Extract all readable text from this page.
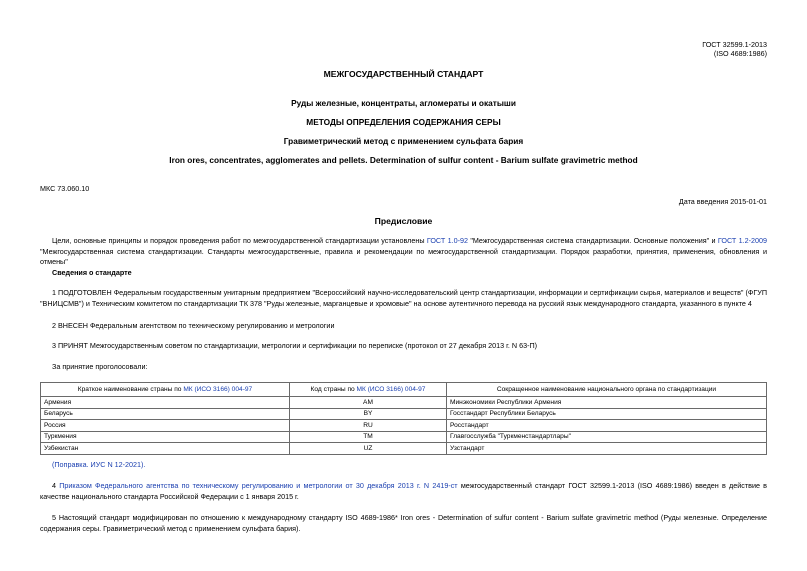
ГОСТ 32599.1-2013
(ISO 4689:1986)
МЕЖГОСУДАРСТВЕННЫЙ СТАНДАРТ
Руды железные, концентраты, агломераты и окатыши
МЕТОДЫ ОПРЕДЕЛЕНИЯ СОДЕРЖАНИЯ СЕРЫ
Гравиметрический метод с применением сульфата бария
Iron ores, concentrates, agglomerates and pellets. Determination of sulfur content - Barium sulfate gravimetric method
МКС 73.060.10
Дата введения 2015-01-01
Предисловие
Цели, основные принципы и порядок проведения работ по межгосударственной стандартизации установлены ГОСТ 1.0-92 "Межгосударственная система стандартизации. Основные положения" и ГОСТ 1.2-2009 "Межгосударственная система стандартизации. Стандарты межгосударственные, правила и рекомендации по межгосударственной стандартизации. Порядок разработки, принятия, применения, обновления и отмены"
Сведения о стандарте
1 ПОДГОТОВЛЕН Федеральным государственным унитарным предприятием "Всероссийский научно-исследовательский центр стандартизации, информации и сертификации сырья, материалов и веществ" (ФГУП "ВНИЦСМВ") и Техническим комитетом по стандартизации ТК 378 "Руды железные, марганцевые и хромовые" на основе аутентичного перевода на русский язык международного стандарта, указанного в пункте 4
2 ВНЕСЕН Федеральным агентством по техническому регулированию и метрологии
3 ПРИНЯТ Межгосударственным советом по стандартизации, метрологии и сертификации по переписке (протокол от 27 декабря 2013 г. N 63-П)
За принятие проголосовали:
Краткое наименование страны по МК (ИСО 3166) 004-97	Код страны по МК (ИСО 3166) 004-97	Сокращенное наименование национального органа по стандартизации
Армения	AM	Минэкономики Республики Армения
Беларусь	BY	Госстандарт Республики Беларусь
Россия	RU	Росстандарт
Туркмения	TM	Главгосслужба "Туркменстандартлары"
Узбекистан	UZ	Узстандарт
(Поправка. ИУС N 12-2021).
4 Приказом Федерального агентства по техническому регулированию и метрологии от 30 декабря 2013 г. N 2419-ст межгосударственный стандарт ГОСТ 32599.1-2013 (ISO 4689:1986) введен в действие в качестве национального стандарта Российской Федерации с 1 января 2015 г.
5 Настоящий стандарт модифицирован по отношению к международному стандарту ISO 4689-1986* Iron ores - Determination of sulfur content - Barium sulfate gravimetric method (Руды железные. Определение содержания серы. Гравиметрический метод с применением сульфата бария).
